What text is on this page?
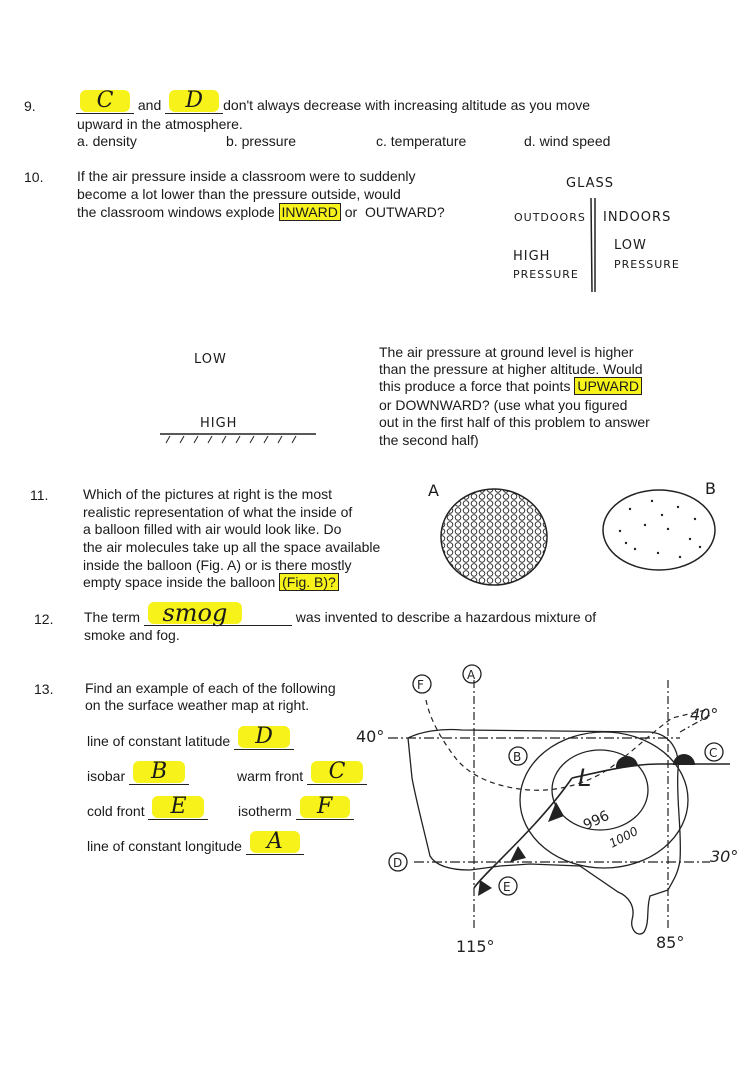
9.	C	and	D	don't always decrease with increasing altitude as you move
upward in the atmosphere.
a. density	b. pressure	c. temperature	d. wind speed
10. If the air pressure inside a classroom were to suddenly
become a lot lower than the pressure outside, would
the classroom windows explode INWARD or OUTWARD?
GLASS
OUTDOORS INDOORS
HIGH
PRESSURE
LOW
PRESSURE
LOW
HIGH
The air pressure at ground level is higher
than the pressure at higher altitude. Would
this produce a force that points UPWARD
or DOWNWARD? (use what you figured
out in the first half of this problem to answer
the second half)
11. Which of the pictures at right is the most
realistic representation of what the inside of
a balloon filled with air would look like. Do
the air molecules take up all the space available
inside the balloon (Fig. A) or is there mostly
empty space inside the balloon (Fig. B)?
A	B
12. The term smog	was invented to describe a hazardous mixture of
smoke and fog.
13. Find an example of each of the following
on the surface weather map at right.
line of constant latitude	D
isobar	B	warm front	C
cold front	E	isotherm	F
line of constant longitude	A
L
996
1000
40°
40°
30°
115°	85°
F
A
B	C
D
E
